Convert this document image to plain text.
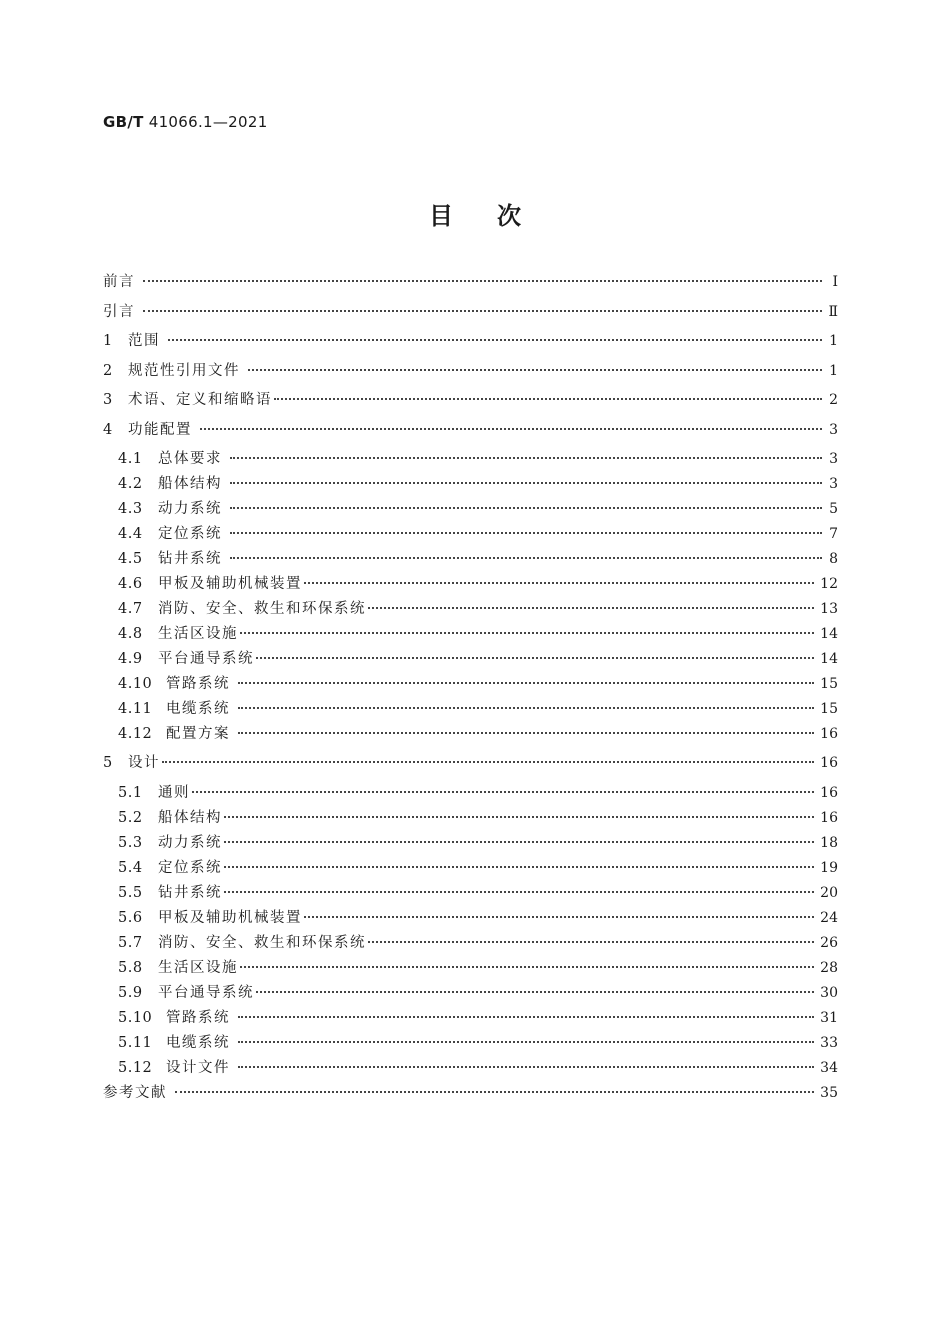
GB/T 41066.1—2021
目次
前言	Ⅰ
引言	Ⅱ
1	范围	1
2	规范性引用文件	1
3	术语、定义和缩略语	2
4	功能配置	3
4.1	总体要求	3
4.2	船体结构	3
4.3	动力系统	5
4.4	定位系统	7
4.5	钻井系统	8
4.6	甲板及辅助机械装置	12
4.7	消防、安全、救生和环保系统	13
4.8	生活区设施	14
4.9	平台通导系统	14
4.10 管路系统	15
4.11 电缆系统	15
4.12 配置方案	16
5	设计	16
5.1	通则	16
5.2	船体结构	16
5.3	动力系统	18
5.4	定位系统	19
5.5	钻井系统	20
5.6	甲板及辅助机械装置	24
5.7	消防、安全、救生和环保系统	26
5.8	生活区设施	28
5.9	平台通导系统	30
5.10 管路系统	31
5.11 电缆系统	33
5.12 设计文件	34
参考文献	35
